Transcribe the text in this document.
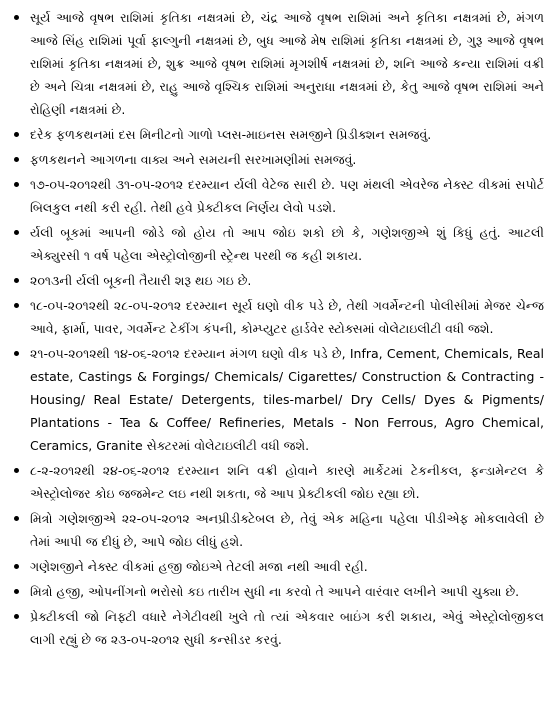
સૂર્ય આજે વૃષભ રાશિમાં કૃતિકા નક્ષત્રમાં છે, ચંદ્ર આજે વૃષભ રાશિમાં અને કૃતિકા નક્ષત્રમાં છે, મંગળ આજે સિંહ રાશિમાં પૂર્વા ફાલ્ગુની નક્ષત્રમાં છે, બુધ આજે મેષ રાશિમાં કૃતિકા નક્ષત્રમાં છે, ગુરૂ આજે વૃષભ રાશિમાં કૃતિકા નક્ષત્રમાં છે, શુક્ર આજે વૃષભ રાશિમાં મૃગશીર્ષ નક્ષત્રમાં છે, શનિ આજે કન્યા રાશિમાં વક્રી છે અને ચિત્રા નક્ષત્રમાં છે, રાહુ આજે વૃશ્ચિક રાશિમાં અનુરાધા નક્ષત્રમાં છે, કેતુ આજે વૃષભ રાશિમાં અને રોહિણી નક્ષત્રમાં છે.
દરેક ફળકથનમાં દસ મિનીટનો ગાળો પ્લસ-માઇનસ સમજીને પ્રિડીક્શન સમજવું.
ફળકથનને આગળના વાક્ય અને સમયની સરખામણીમાં સમજવું.
૧૭-૦૫-૨૦૧૨થી ૩૧-૦૫-૨૦૧૨ દરમ્યાન ર્યલી વેટેજ સારી છે. પણ મંથલી એવરેજ નેક્સ્ટ વીકમાં સપોર્ટ બિલકુલ નથી કરી રહી. તેથી હવે પ્રેક્ટીકલ નિર્ણય લેવો પડશે.
ર્યલી બૂકમાં આપની જોડે જો હોય તો આપ જોઇ શકો છો કે, ગણેશજીએ શું કિધું હતું. આટલી એક્યુરસી ૧ વર્ષ પહેલા એસ્ટ્રોલોજીની સ્ટ્રેન્થ પરથી જ કહી શકાય.
૨૦૧૩ની ર્યલી બૂકની તૈયારી શરૂ થઇ ગઇ છે.
૧૮-૦૫-૨૦૧૨થી ૨૮-૦૫-૨૦૧૨ દરમ્યાન સૂર્ય ઘણો વીક પડે છે, તેથી ગવર્મેન્ટની પોલીસીમાં મેજર ચેન્જ આવે, ફાર્મા, પાવર, ગવર્મેન્ટ ટેકીંગ કંપની, કોમ્પ્યુટર હાર્ડવેર સ્ટોક્સમાં વોલેટાઇલીટી વધી જશે.
૨૧-૦૫-૨૦૧૨થી ૧૪-૦૬-૨૦૧૨ દરમ્યાન મંગળ ઘણો વીક પડે છે, Infra, Cement, Chemicals, Real estate, Castings & Forgings/ Chemicals/ Cigarettes/ Construction & Contracting - Housing/ Real Estate/ Detergents, tiles-marbel/ Dry Cells/ Dyes & Pigments/ Plantations - Tea & Coffee/ Refineries, Metals - Non Ferrous, Agro Chemical, Ceramics, Granite સેક્ટરમાં વોલેટાઇલીટી વધી જશે.
૮-૨-૨૦૧૨થી ૨૪-૦૬-૨૦૧૨ દરમ્યાન શનિ વક્રી હોવાને કારણે માર્કેટમાં ટેકનીકલ, ફન્ડામેન્ટલ કે એસ્ટ્રોલોજર કોઇ જજમેન્ટ લઇ નથી શકતા, જે આપ પ્રેક્ટીકલી જોઇ રહ્યા છો.
મિત્રો ગણેશજીએ ૨૨-૦૫-૨૦૧૨ અનપ્રીડીક્ટેબલ છે, તેવું એક મહિના પહેલા પીડીએફ મોકલાવેલી છે તેમાં આપી જ દીધું છે, આપે જોઇ લીધું હશે.
ગણેશજીને નેક્સ્ટ વીકમાં હજી જોઇએ તેટલી મજા નથી આવી રહી.
મિત્રો હજી, ઓપનીંગનો ભરોસો કઇ તારીખ સુધી ના કરવો તે આપને વારંવાર લખીને આપી ચુક્યા છે.
પ્રેક્ટીકલી જો નિફ્ટી વધારે નેગેટીવથી ખુલે તો ત્યાં એકવાર બાઇંગ કરી શકાય, એવું એસ્ટ્રોલોજીકલ લાગી રહ્યું છે જ ૨૩-૦૫-૨૦૧૨ સુધી કન્સીડર કરવું.
